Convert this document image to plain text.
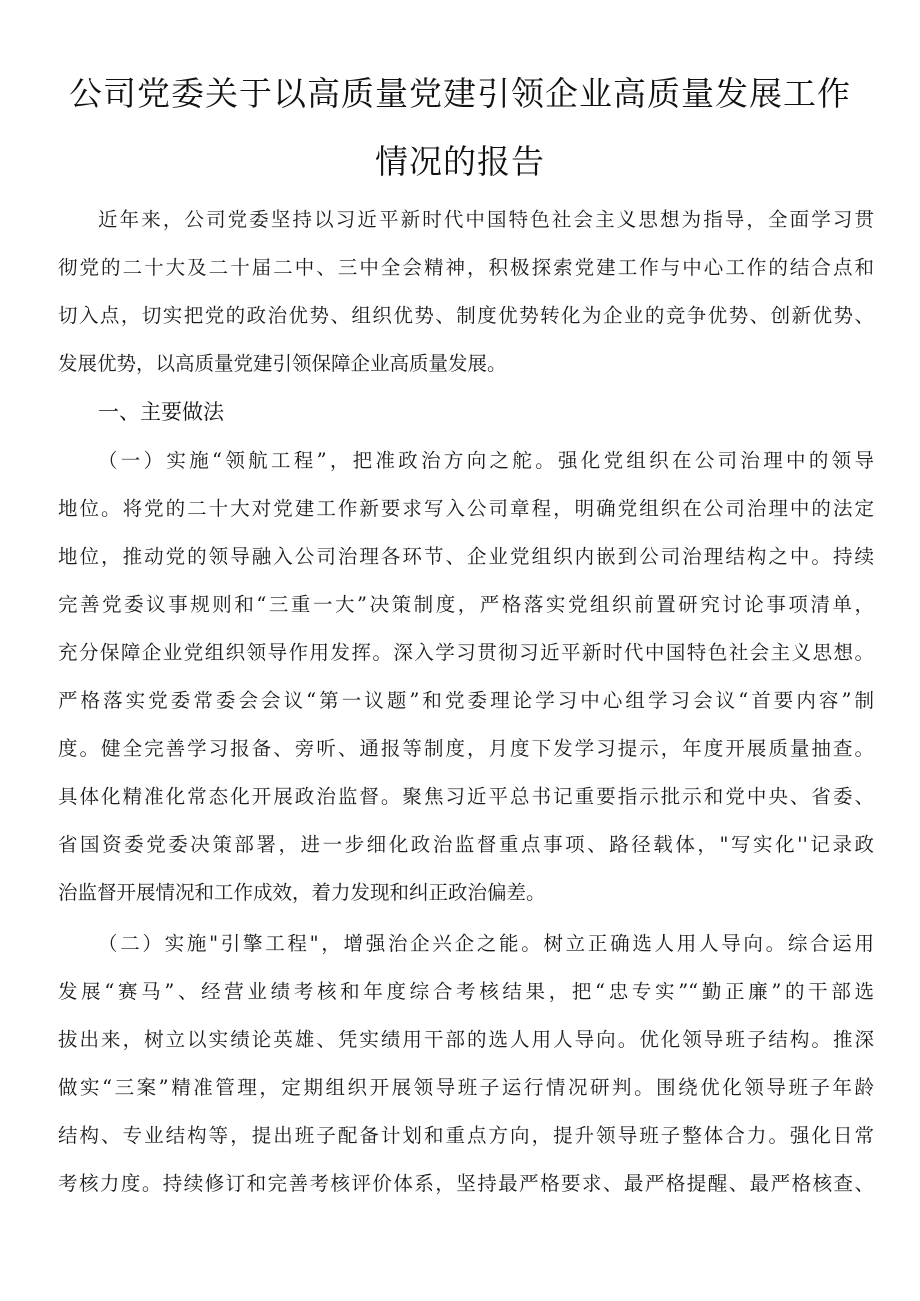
公司党委关于以高质量党建引领企业高质量发展工作
情况的报告

近年来，公司党委坚持以习近平新时代中国特色社会主义思想为指导，全面学习贯

彻党的二十大及二十届二中、三中全会精神，积极探索党建工作与中心工作的结合点和

切入点，切实把党的政治优势、组织优势、制度优势转化为企业的竞争优势、创新优势、

发展优势，以高质量党建引领保障企业高质量发展。

一、主要做法

（一）实施“领航工程”，把准政治方向之舵。强化党组织在公司治理中的领导

地位。将党的二十大对党建工作新要求写入公司章程，明确党组织在公司治理中的法定

地位，推动党的领导融入公司治理各环节、企业党组织内嵌到公司治理结构之中。持续

完善党委议事规则和“三重一大”决策制度，严格落实党组织前置研究讨论事项清单，

充分保障企业党组织领导作用发挥。深入学习贯彻习近平新时代中国特色社会主义思想。

严格落实党委常委会会议“第一议题”和党委理论学习中心组学习会议“首要内容”制

度。健全完善学习报备、旁听、通报等制度，月度下发学习提示，年度开展质量抽查。

具体化精准化常态化开展政治监督。聚焦习近平总书记重要指示批示和党中央、省委、

省国资委党委决策部署，进一步细化政治监督重点事项、路径载体，"写实化''记录政

治监督开展情况和工作成效，着力发现和纠正政治偏差。

（二）实施"引擎工程"，增强治企兴企之能。树立正确选人用人导向。综合运用

发展“赛马”、经营业绩考核和年度综合考核结果，把“忠专实”“勤正廉”的干部选

拔出来，树立以实绩论英雄、凭实绩用干部的选人用人导向。优化领导班子结构。推深

做实“三案”精准管理，定期组织开展领导班子运行情况研判。围绕优化领导班子年龄

结构、专业结构等，提出班子配备计划和重点方向，提升领导班子整体合力。强化日常

考核力度。持续修订和完善考核评价体系，坚持最严格要求、最严格提醒、最严格核查、
